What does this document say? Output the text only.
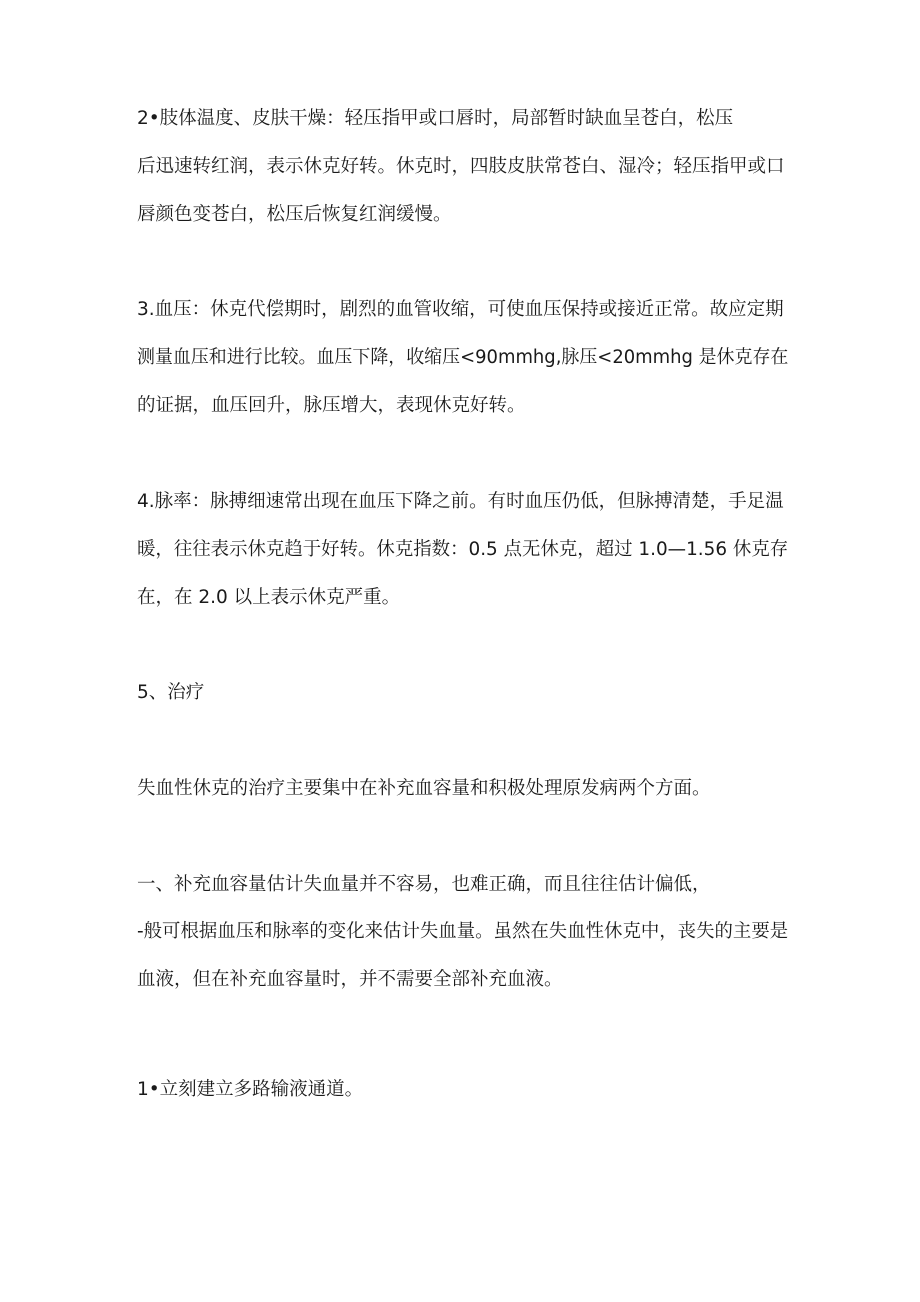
2•肢体温度、皮肤干燥：轻压指甲或口唇时，局部暂时缺血呈苍白，松压
后迅速转红润，表示休克好转。休克时，四肢皮肤常苍白、湿冷；轻压指甲或口
唇颜色变苍白，松压后恢复红润缓慢。
3.血压：休克代偿期时，剧烈的血管收缩，可使血压保持或接近正常。故应定期
测量血压和进行比较。血压下降，收缩压<90mmhg,脉压<20mmhg 是休克存在
的证据，血压回升，脉压增大，表现休克好转。
4.脉率：脉搏细速常出现在血压下降之前。有时血压仍低，但脉搏清楚，手足温
暖，往往表示休克趋于好转。休克指数：0.5 点无休克，超过 1.0—1.56 休克存
在，在 2.0 以上表示休克严重。
5、治疗
失血性休克的治疗主要集中在补充血容量和积极处理原发病两个方面。
一、补充血容量估计失血量并不容易，也难正确，而且往往估计偏低，
-般可根据血压和脉率的变化来估计失血量。虽然在失血性休克中，丧失的主要是
血液，但在补充血容量时，并不需要全部补充血液。
1•立刻建立多路输液通道。
